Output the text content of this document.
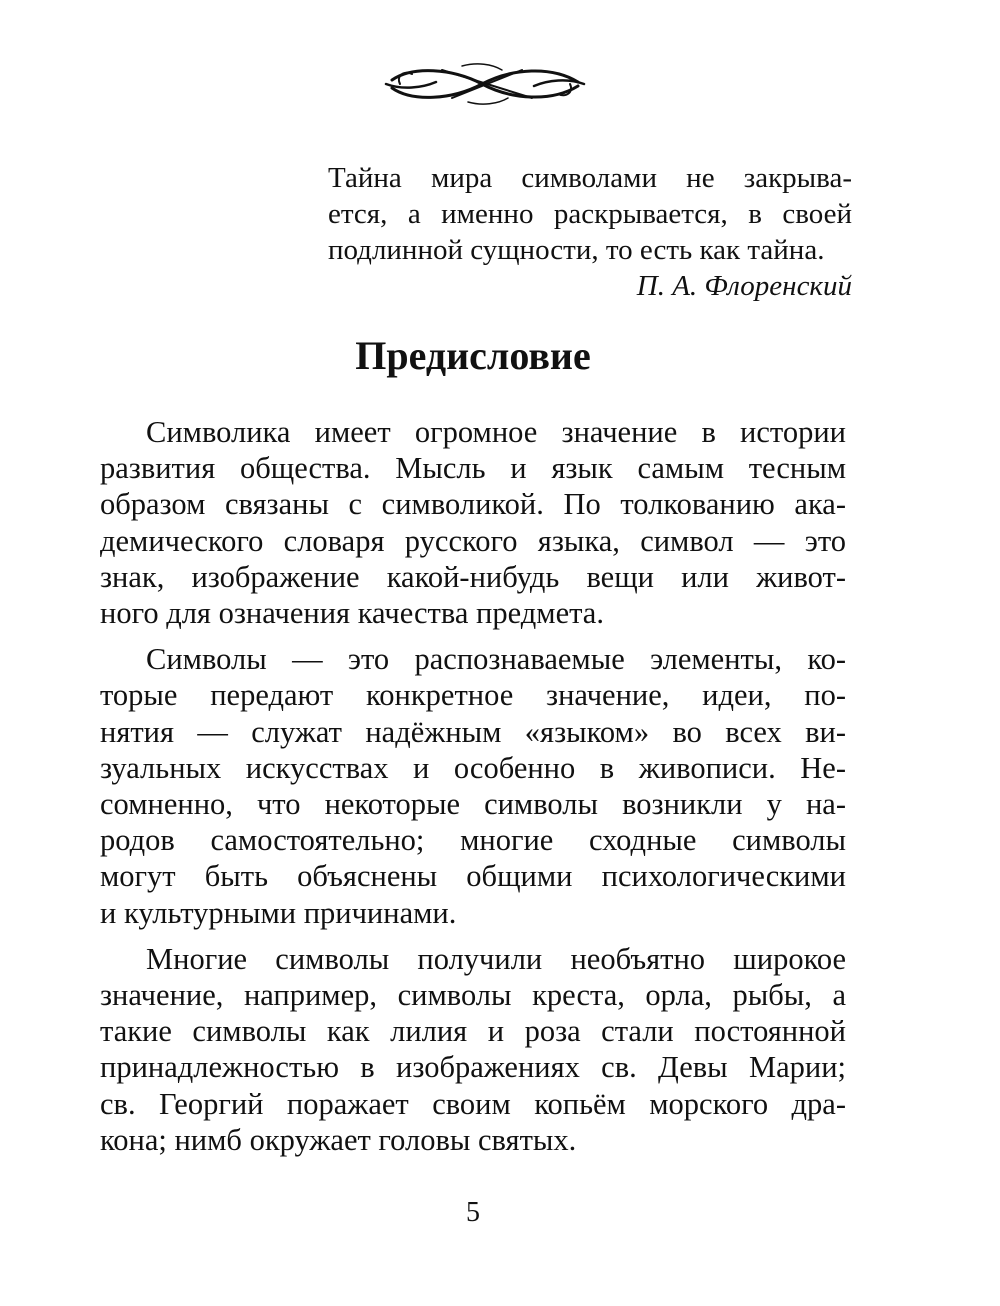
Тайна мира символами не закрыва-
ется, а именно раскрывается, в своей
подлинной сущности, то есть как тайна.

П. А. Флоренский

Предисловие

Символика имеет огромное значение в истории
развития общества. Мысль и язык самым тесным
образом связаны с символикой. По толкованию ака-
демического словаря русского языка, символ — это
знак, изображение какой-нибудь вещи или живот-
ного для означения качества предмета.

Символы — это распознаваемые элементы, ко-
торые передают конкретное значение, идеи, по-
нятия — служат надёжным «языком» во всех ви-
зуальных искусствах и особенно в живописи. Не-
сомненно, что некоторые символы возникли у на-
родов самостоятельно; многие сходные символы
могут быть объяснены общими психологическими
и культурными причинами.

Многие символы получили необъятно широкое
значение, например, символы креста, орла, рыбы, а
такие символы как лилия и роза стали постоянной
принадлежностью в изображениях св. Девы Марии;
св. Георгий поражает своим копьём морского дра-
кона; нимб окружает головы святых.

5
